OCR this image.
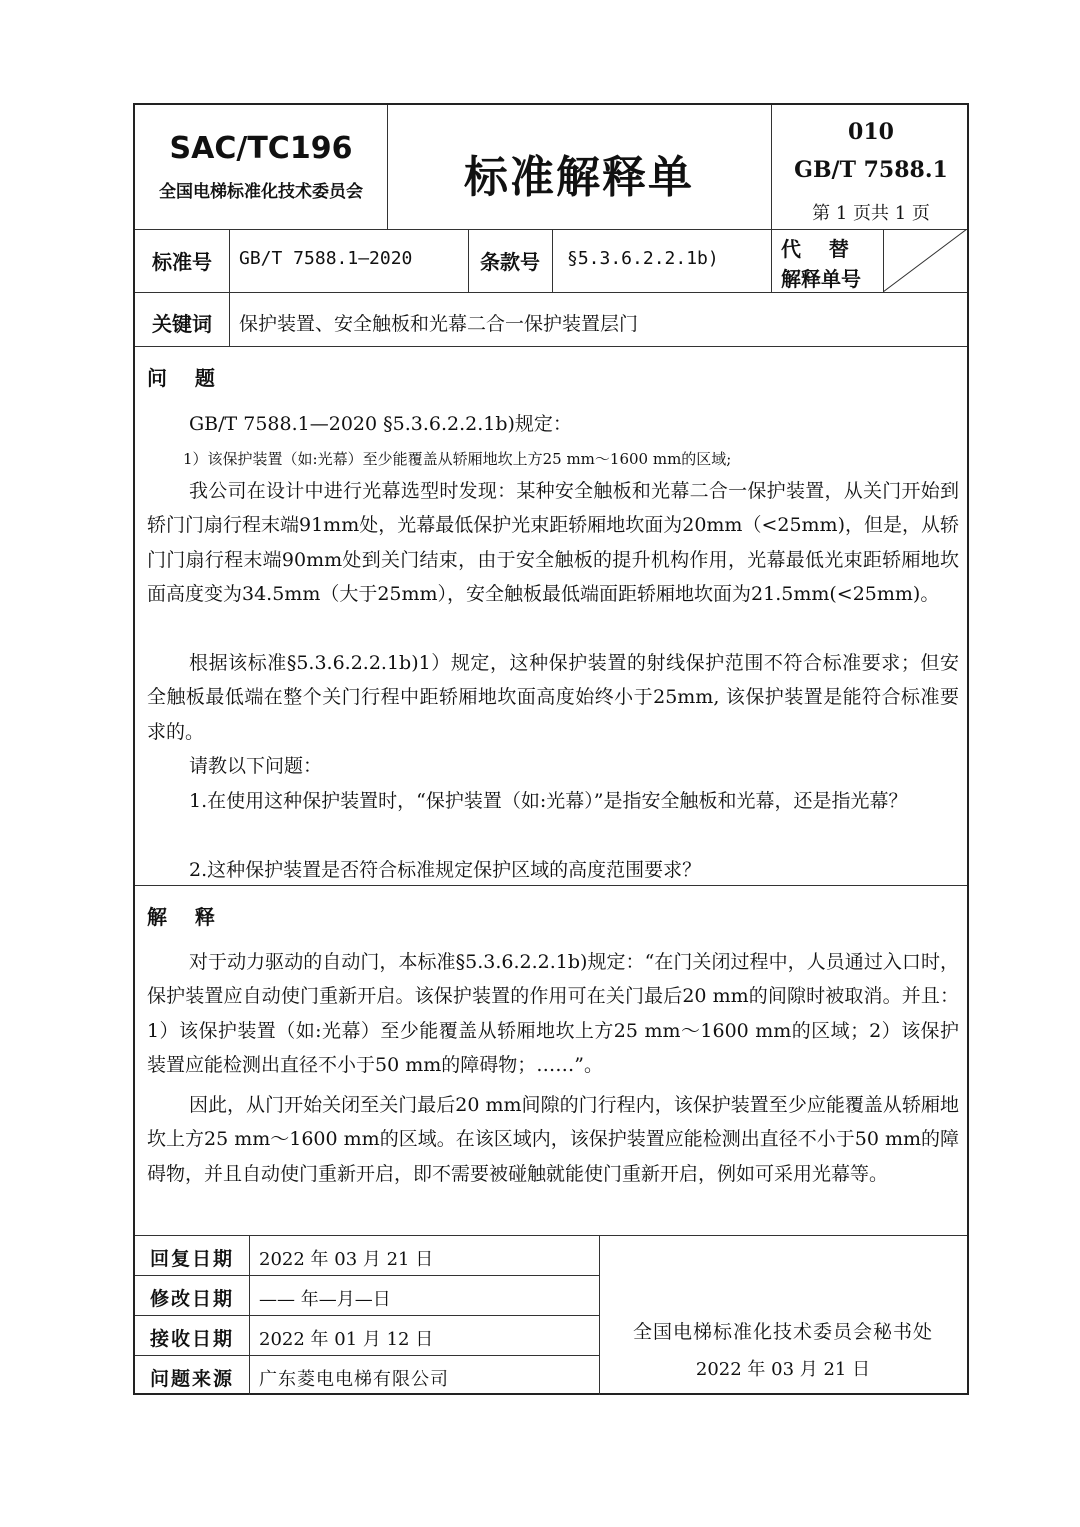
SAC/TC196
全国电梯标准化技术委员会	标准解释单
010
GB/T 7588.1
第 1 页共 1 页
标准号	GB/T 7588.1—2020	条款号	§5.3.6.2.2.1b)	代    替
解释单号
关键词	保护装置、安全触板和光幕二合一保护装置层门
问    题

GB/T 7588.1—2020 §5.3.6.2.2.1b)规定：

1）该保护装置（如:光幕）至少能覆盖从轿厢地坎上方25 mm～1600 mm的区域;

我公司在设计中进行光幕选型时发现：某种安全触板和光幕二合一保护装置，从关门开始到轿门门扇行程末端91mm处，光幕最低保护光束距轿厢地坎面为20mm（<25mm)，但是，从轿门门扇行程末端90mm处到关门结束，由于安全触板的提升机构作用，光幕最低光束距轿厢地坎面高度变为34.5mm（大于25mm），安全触板最低端面距轿厢地坎面为21.5mm(<25mm)。

根据该标准§5.3.6.2.2.1b)1）规定，这种保护装置的射线保护范围不符合标准要求；但安全触板最低端在整个关门行程中距轿厢地坎面高度始终小于25mm, 该保护装置是能符合标准要求的。

请教以下问题：

1.在使用这种保护装置时，“保护装置（如:光幕）”是指安全触板和光幕，还是指光幕？

2.这种保护装置是否符合标准规定保护区域的高度范围要求？

解    释

对于动力驱动的自动门，本标准§5.3.6.2.2.1b)规定：“在门关闭过程中，人员通过入口时，保护装置应自动使门重新开启。该保护装置的作用可在关门最后20 mm的间隙时被取消。并且：1）该保护装置（如:光幕）至少能覆盖从轿厢地坎上方25 mm～1600 mm的区域；2）该保护装置应能检测出直径不小于50 mm的障碍物；……”。

因此，从门开始关闭至关门最后20 mm间隙的门行程内，该保护装置至少应能覆盖从轿厢地坎上方25 mm～1600 mm的区域。在该区域内，该保护装置应能检测出直径不小于50 mm的障碍物，并且自动使门重新开启，即不需要被碰触就能使门重新开启，例如可采用光幕等。

回复日期	2022 年 03 月 21 日
修改日期	—— 年—月—日
接收日期	2022 年 01 月 12 日
问题来源	广东菱电电梯有限公司
全国电梯标准化技术委员会秘书处
2022 年 03 月 21 日
